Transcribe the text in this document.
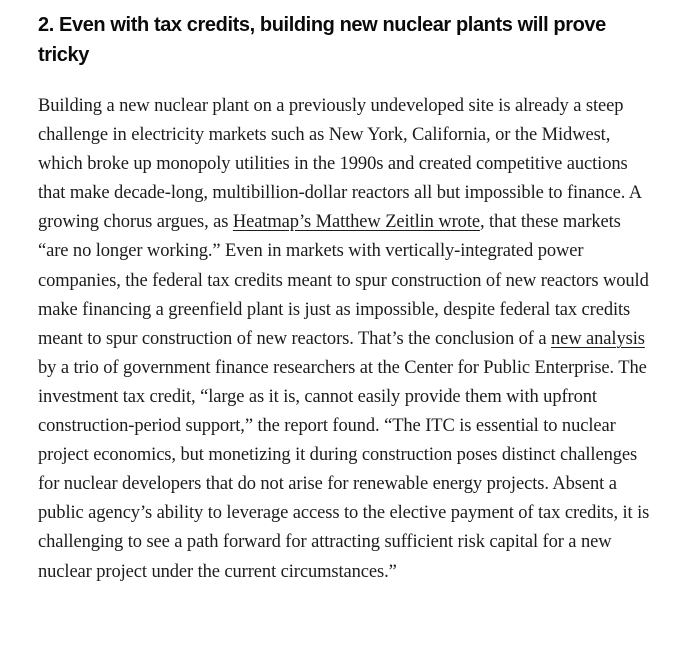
2. Even with tax credits, building new nuclear plants will prove tricky

Building a new nuclear plant on a previously undeveloped site is already a steep challenge in electricity markets such as New York, California, or the Midwest, which broke up monopoly utilities in the 1990s and created competitive auctions that make decade-long, multibillion-dollar reactors all but impossible to finance. A growing chorus argues, as Heatmap’s Matthew Zeitlin wrote, that these markets “are no longer working.” Even in markets with vertically-integrated power companies, the federal tax credits meant to spur construction of new reactors would make financing a greenfield plant is just as impossible, despite federal tax credits meant to spur construction of new reactors. That’s the conclusion of a new analysis by a trio of government finance researchers at the Center for Public Enterprise. The investment tax credit, “large as it is, cannot easily provide them with upfront construction-period support,” the report found. “The ITC is essential to nuclear project economics, but monetizing it during construction poses distinct challenges for nuclear developers that do not arise for renewable energy projects. Absent a public agency’s ability to leverage access to the elective payment of tax credits, it is challenging to see a path forward for attracting sufficient risk capital for a new nuclear project under the current circumstances.”
